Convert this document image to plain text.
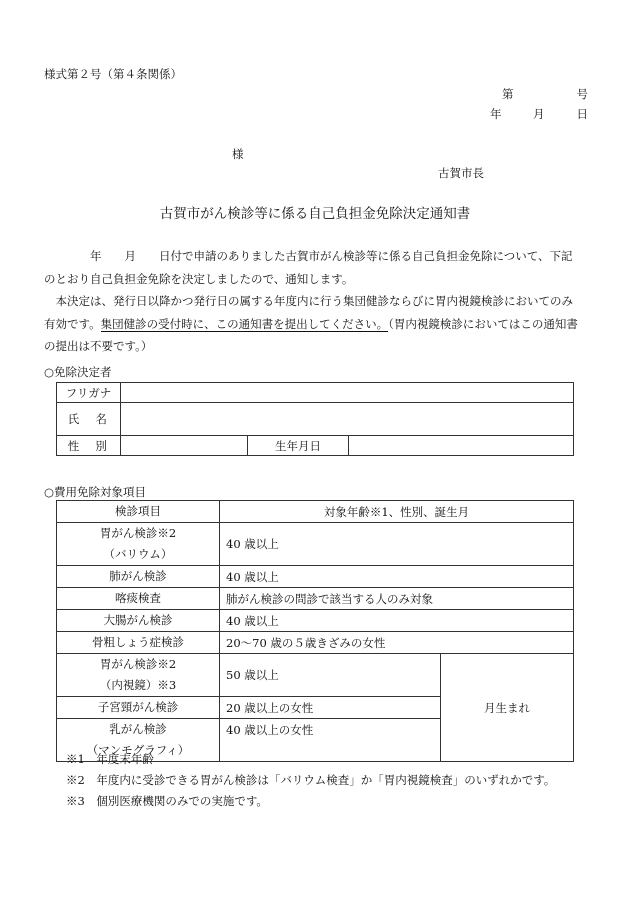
様式第２号（第４条関係）
第	号
年	月	日
様
古賀市長
古賀市がん検診等に係る自己負担金免除決定通知書

　　　　年　　月　　日付で申請のありました古賀市がん検診等に係る自己負担金免除について、下記

のとおり自己負担金免除を決定しましたので、通知します。

　本決定は、発行日以降かつ発行日の属する年度内に行う集団健診ならびに胃内視鏡検診においてのみ

有効です。集団健診の受付時に、この通知書を提出してください。（胃内視鏡検診においてはこの通知書

の提出は不要です。）

○免除決定者
フリガナ			
氏　名			
性　別		生年月日	
○費用免除対象項目
検診項目	対象年齢※1、性別、誕生月	

胃がん検診※2
（バリウム）	40 歳以上	
肺がん検診	40 歳以上	
喀痰検査	肺がん検診の問診で該当する人のみ対象	
大腸がん検診	40 歳以上	
骨粗しょう症検診	20～70 歳の５歳きざみの女性	

胃がん検診※2
（内視鏡）※3	50 歳以上	月生まれ
子宮頸がん検診	20 歳以上の女性	

乳がん検診
（マンモグラフィ）	40 歳以上の女性	
※1　年度末年齢
※2　年度内に受診できる胃がん検診は「バリウム検査」か「胃内視鏡検査」のいずれかです。
※3　個別医療機関のみでの実施です。
